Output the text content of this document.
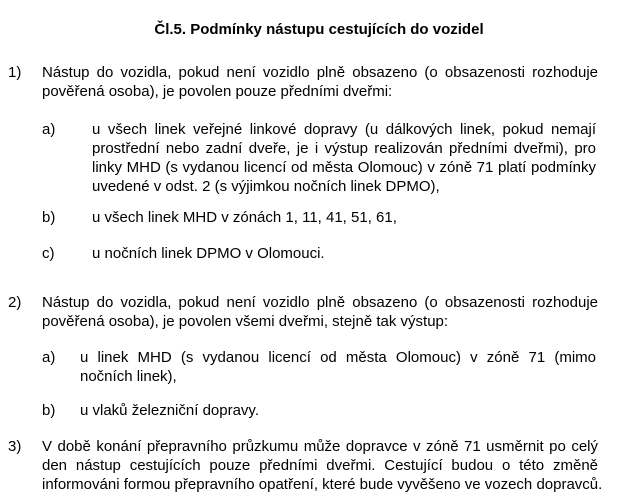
Čl.5. Podmínky nástupu cestujících do vozidel
1) Nástup do vozidla, pokud není vozidlo plně obsazeno (o obsazenosti rozhoduje
pověřená osoba), je povolen pouze předními dveřmi:
a) u všech linek veřejné linkové dopravy (u dálkových linek, pokud nemají
prostřední nebo zadní dveře, je i výstup realizován předními dveřmi), pro
linky MHD (s vydanou licencí od města Olomouc) v zóně 71 platí podmínky
uvedené v odst. 2 (s výjimkou nočních linek DPMO),
b) u všech linek MHD v zónách 1, 11, 41, 51, 61,
c)	u nočních linek DPMO v Olomouci.
2) Nástup do vozidla, pokud není vozidlo plně obsazeno (o obsazenosti rozhoduje
pověřená osoba), je povolen všemi dveřmi, stejně tak výstup:
a) u linek MHD (s vydanou licencí od města Olomouc) v zóně 71 (mimo
nočních linek),
b) u vlaků železniční dopravy.
3) V době konání přepravního průzkumu může dopravce v zóně 71 usměrnit po celý
den nástup cestujících pouze předními dveřmi. Cestující budou o této změně
informováni formou přepravního opatření, které bude vyvěšeno ve vozech dopravců.
